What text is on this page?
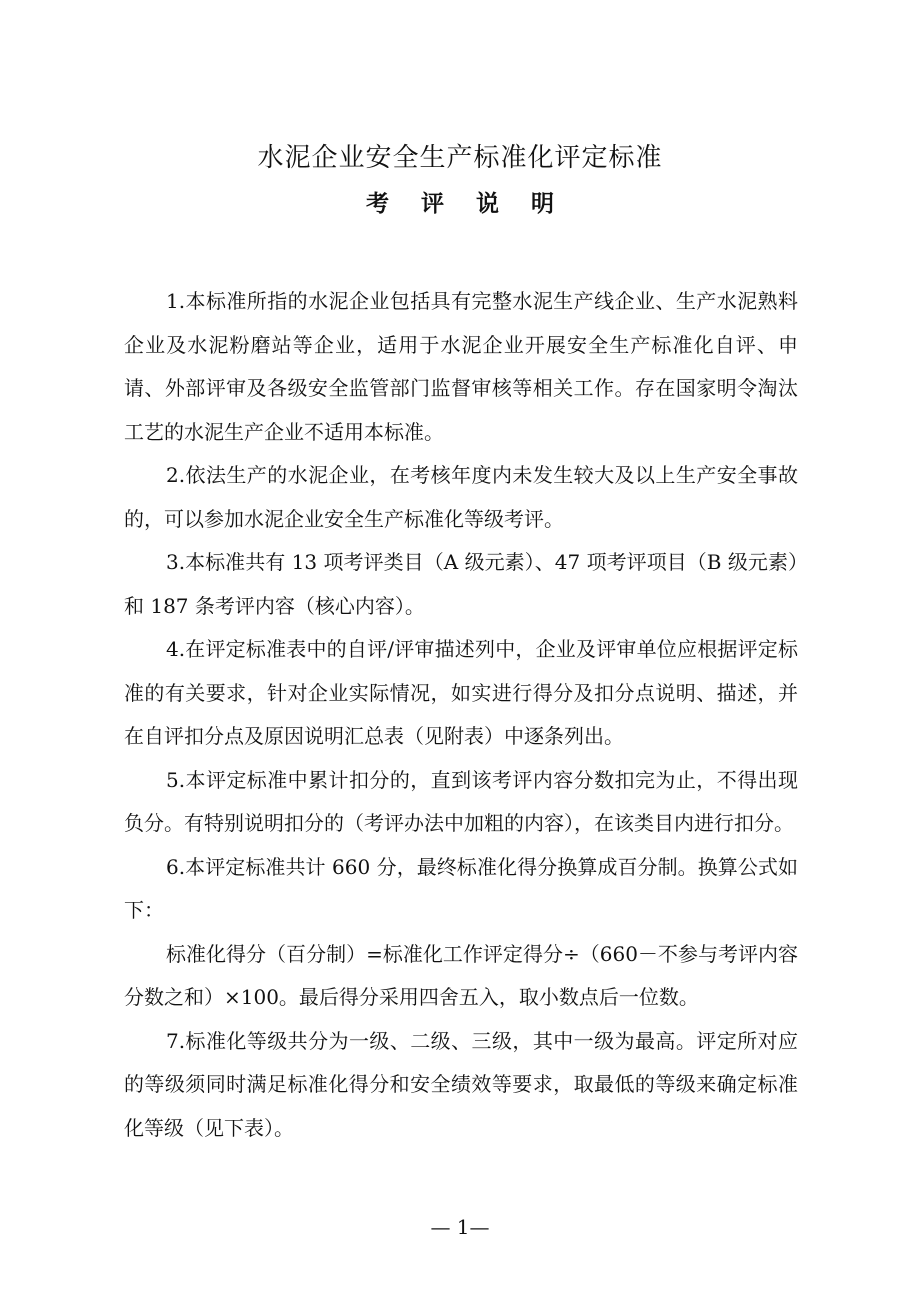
水泥企业安全生产标准化评定标准
考 评 说 明

1.本标准所指的水泥企业包括具有完整水泥生产线企业、生产水泥熟料企业及水泥粉磨站等企业，适用于水泥企业开展安全生产标准化自评、申请、外部评审及各级安全监管部门监督审核等相关工作。存在国家明令淘汰工艺的水泥生产企业不适用本标准。

2.依法生产的水泥企业，在考核年度内未发生较大及以上生产安全事故的，可以参加水泥企业安全生产标准化等级考评。

3.本标准共有 13 项考评类目（A 级元素）、47 项考评项目（B 级元素）和 187 条考评内容（核心内容）。

4.在评定标准表中的自评/评审描述列中，企业及评审单位应根据评定标准的有关要求，针对企业实际情况，如实进行得分及扣分点说明、描述，并在自评扣分点及原因说明汇总表（见附表）中逐条列出。

5.本评定标准中累计扣分的，直到该考评内容分数扣完为止，不得出现负分。有特别说明扣分的（考评办法中加粗的内容），在该类目内进行扣分。

6.本评定标准共计 660 分，最终标准化得分换算成百分制。换算公式如下：

标准化得分（百分制）=标准化工作评定得分÷（660－不参与考评内容分数之和）×100。最后得分采用四舍五入，取小数点后一位数。

7.标准化等级共分为一级、二级、三级，其中一级为最高。评定所对应的等级须同时满足标准化得分和安全绩效等要求，取最低的等级来确定标准化等级（见下表）。

— 1—
